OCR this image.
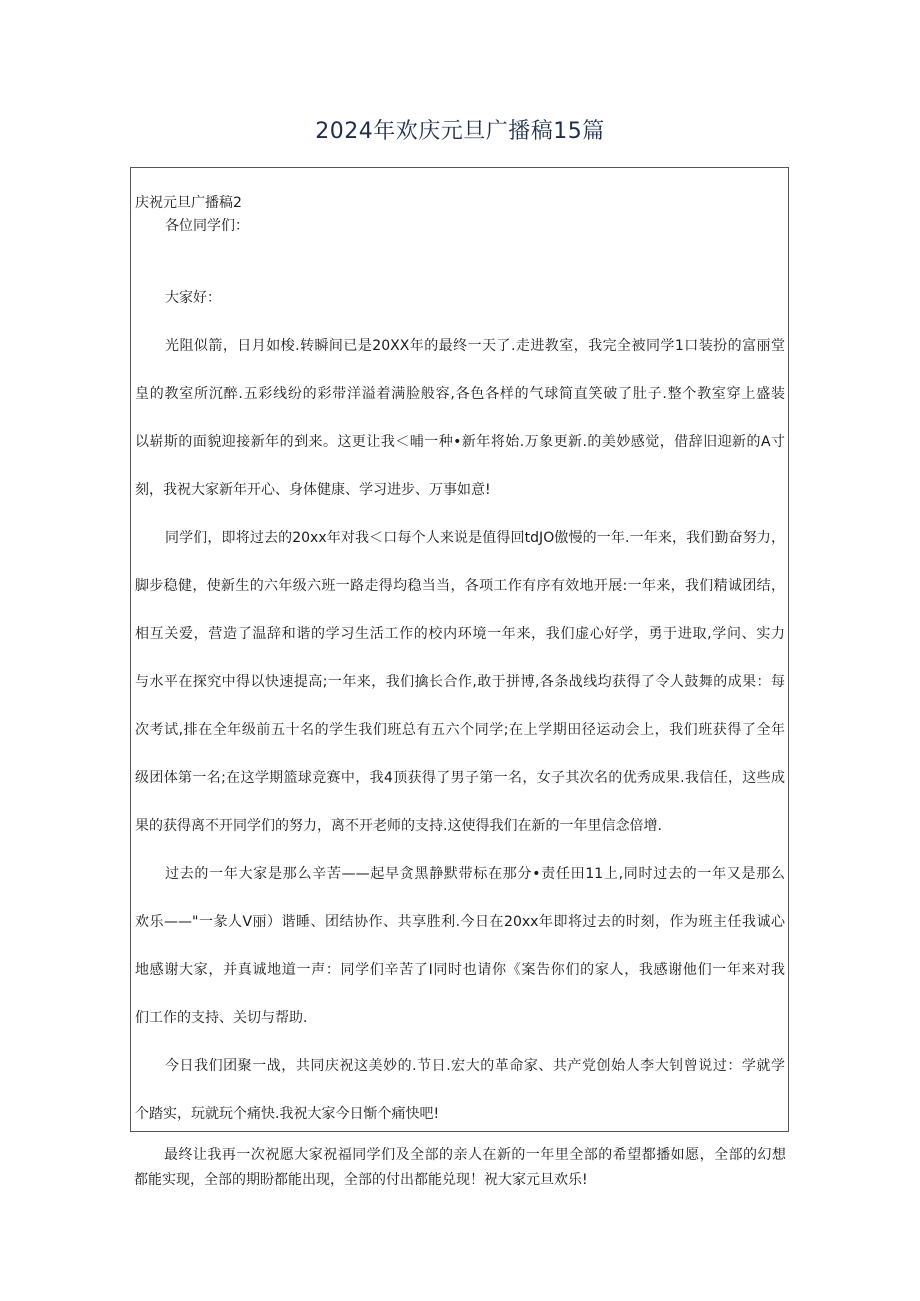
2024年欢庆元旦广播稿15篇
庆祝元旦广播稿2

各位同学们：

大家好：

光阻似箭，日月如梭.转瞬间已是20XX年的最终一天了.走进教室，我完全被同学1口装扮的富丽堂

皇的教室所沉醉.五彩线纷的彩带洋溢着满脸般容,各色各样的气球简直笑破了肚子.整个教室穿上盛装

以崭斯的面貌迎接新年的到来。这更让我＜晡一种•新年将始.万象更新.的美妙感觉，借辞旧迎新的A寸

刻，我祝大家新年开心、身体健康、学习进步、万事如意!

同学们，即将过去的20xx年对我＜口每个人来说是值得回tdJO傲慢的一年.一年来，我们勤奋努力，

脚步稳健，使新生的六年级六班一路走得均稳当当，各项工作有序有效地开展:一年来，我们精诚团结，

相互关爱，营造了温辞和谐的学习生活工作的校内环境一年来，我们虚心好学，勇于进取,学问、实力

与水平在探究中得以快速提高;一年来，我们擒长合作,敢于拼博,各条战线均获得了令人鼓舞的成果：每

次考试,排在全年级前五十名的学生我们班总有五六个同学;在上学期田径运动会上，我们班获得了全年

级团体第一名;在这学期篮球竞赛中，我4顶获得了男子第一名，女子其次名的优秀成果.我信任，这些成

果的获得离不开同学们的努力，离不开老师的支持.这使得我们在新的一年里信念倍增.

过去的一年大家是那么辛苦——起早贪黑静默带标在那分•责任田11上,同时过去的一年又是那么

欢乐——"一彖人V丽）谐睡、团结协作、共享胜利.今日在20xx年即将过去的时刻，作为班主任我诚心

地感谢大家，并真诚地道一声：同学们辛苦了I同时也请你《案告你们的家人，我感谢他们一年来对我

们工作的支持、关切与帮助.

今日我们团聚一战，共同庆祝这美妙的.节日.宏大的革命家、共产党创始人李大钊曾说过：学就学

个踏实，玩就玩个痛快.我祝大家今日惭个痛快吧!

最终让我再一次祝愿大家祝福同学们及全部的亲人在新的一年里全部的希望都播如愿，全部的幻想

都能实现，全部的期盼都能出现，全部的付出都能兑现！祝大家元旦欢乐!
